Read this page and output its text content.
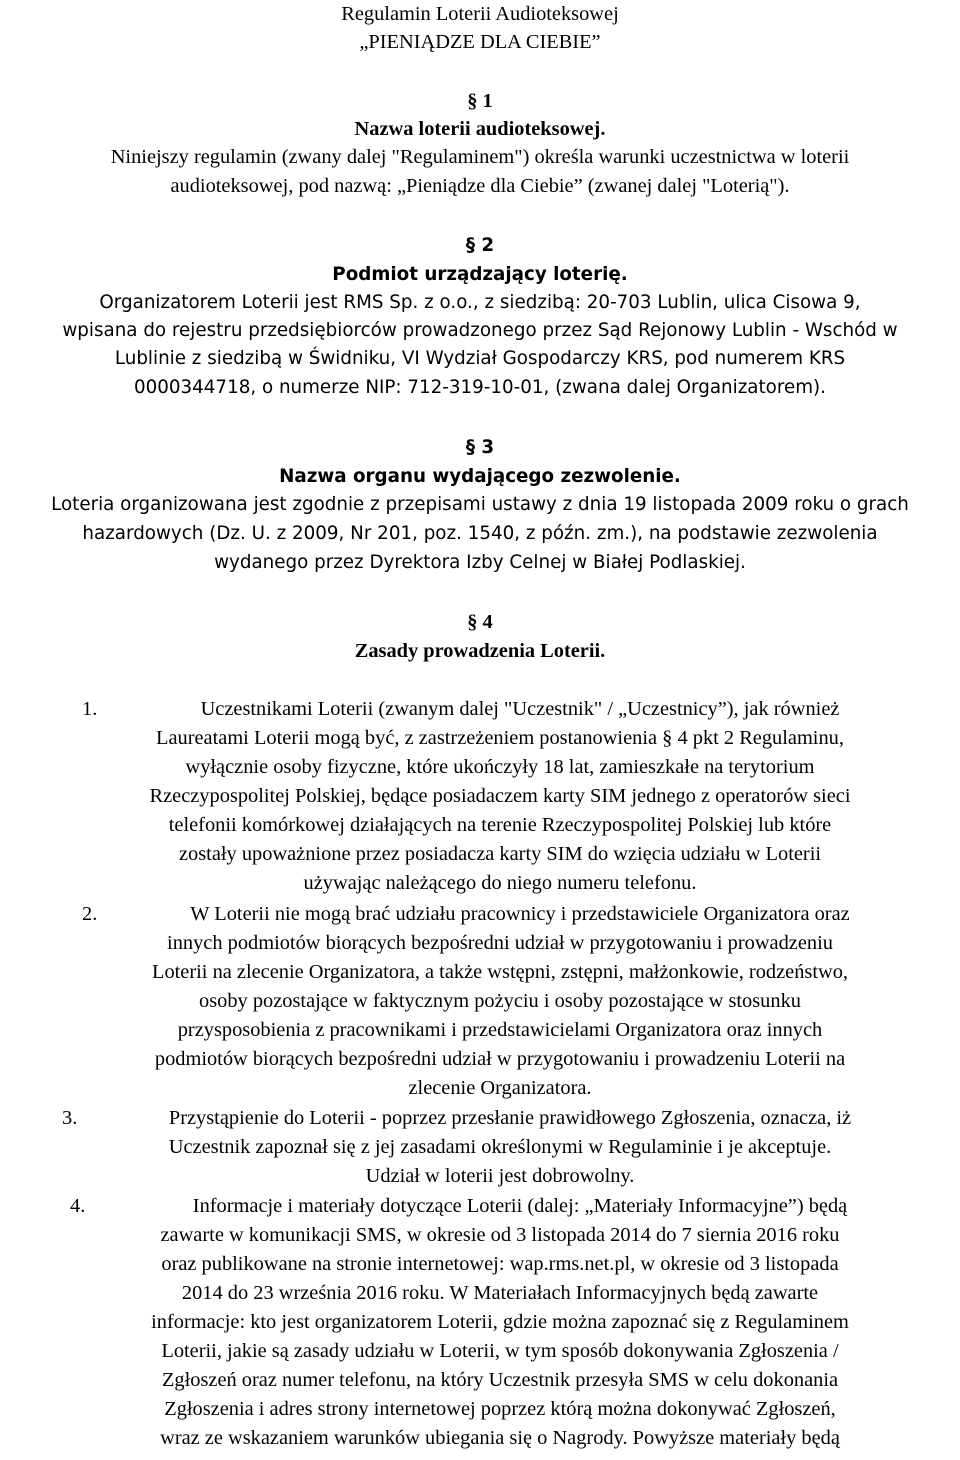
Regulamin Loterii Audioteksowej
„PIENIĄDZE DLA CIEBIE”
§ 1
Nazwa loterii audioteksowej.
Niniejszy regulamin (zwany dalej "Regulaminem") określa warunki uczestnictwa w loterii
audioteksowej, pod nazwą: „Pieniądze dla Ciebie” (zwanej dalej "Loterią").
§ 2
Podmiot urządzający loterię.
Organizatorem Loterii jest RMS Sp. z o.o., z siedzibą: 20-703 Lublin, ulica Cisowa 9,
wpisana do rejestru przedsiębiorców prowadzonego przez Sąd Rejonowy Lublin - Wschód w
Lublinie z siedzibą w Świdniku, VI Wydział Gospodarczy KRS, pod numerem KRS
0000344718, o numerze NIP: 712-319-10-01, (zwana dalej Organizatorem).
§ 3
Nazwa organu wydającego zezwolenie.
Loteria organizowana jest zgodnie z przepisami ustawy z dnia 19 listopada 2009 roku o grach
hazardowych (Dz. U. z 2009, Nr 201, poz. 1540, z późn. zm.), na podstawie zezwolenia
wydanego przez Dyrektora Izby Celnej w Białej Podlaskiej.
§ 4
Zasady prowadzenia Loterii.
1.	Uczestnikami Loterii (zwanym dalej "Uczestnik" / „Uczestnicy”), jak również
Laureatami Loterii mogą być, z zastrzeżeniem postanowienia § 4 pkt 2 Regulaminu,
wyłącznie osoby fizyczne, które ukończyły 18 lat, zamieszkałe na terytorium
Rzeczypospolitej Polskiej, będące posiadaczem karty SIM jednego z operatorów sieci
telefonii komórkowej działających na terenie Rzeczypospolitej Polskiej lub które
zostały upoważnione przez posiadacza karty SIM do wzięcia udziału w Loterii
używając należącego do niego numeru telefonu.
2.	W Loterii nie mogą brać udziału pracownicy i przedstawiciele Organizatora oraz
innych podmiotów biorących bezpośredni udział w przygotowaniu i prowadzeniu
Loterii na zlecenie Organizatora, a także wstępni, zstępni, małżonkowie, rodzeństwo,
osoby pozostające w faktycznym pożyciu i osoby pozostające w stosunku
przysposobienia z pracownikami i przedstawicielami Organizatora oraz innych
podmiotów biorących bezpośredni udział w przygotowaniu i prowadzeniu Loterii na
zlecenie Organizatora.
3.	Przystąpienie do Loterii - poprzez przesłanie prawidłowego Zgłoszenia, oznacza, iż
Uczestnik zapoznał się z jej zasadami określonymi w Regulaminie i je akceptuje.
Udział w loterii jest dobrowolny.
4.	Informacje i materiały dotyczące Loterii (dalej: „Materiały Informacyjne”) będą
zawarte w komunikacji SMS, w okresie od 3 listopada 2014 do 7 siernia 2016 roku
oraz publikowane na stronie internetowej: wap.rms.net.pl, w okresie od 3 listopada
2014 do 23 września 2016 roku. W Materiałach Informacyjnych będą zawarte
informacje: kto jest organizatorem Loterii, gdzie można zapoznać się z Regulaminem
Loterii, jakie są zasady udziału w Loterii, w tym sposób dokonywania Zgłoszenia /
Zgłoszeń oraz numer telefonu, na który Uczestnik przesyła SMS w celu dokonania
Zgłoszenia i adres strony internetowej poprzez którą można dokonywać Zgłoszeń,
wraz ze wskazaniem warunków ubiegania się o Nagrody. Powyższe materiały będą
